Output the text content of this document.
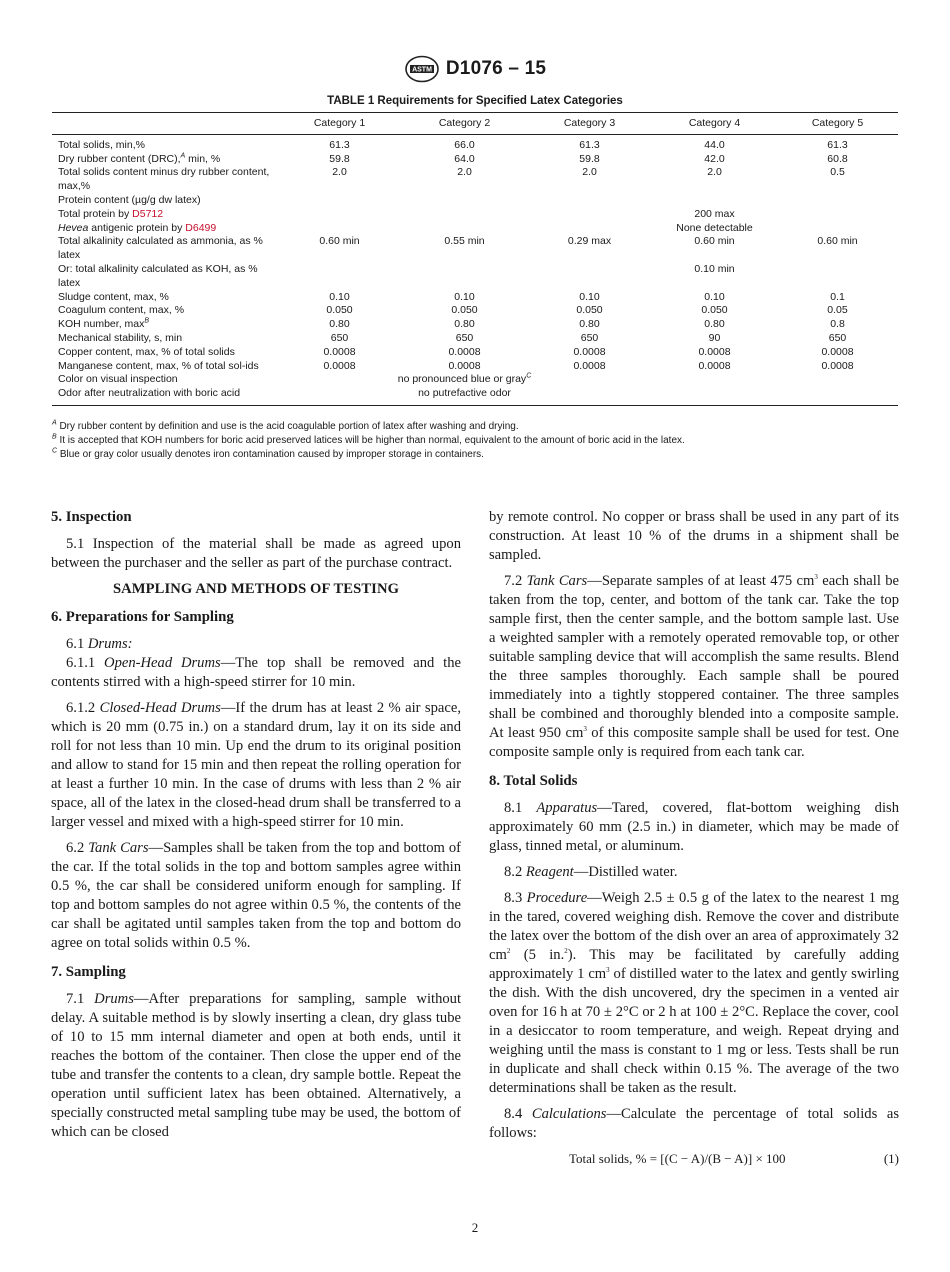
ASTM D1076 – 15
TABLE 1 Requirements for Specified Latex Categories
	Category 1	Category 2	Category 3	Category 4	Category 5
Total solids, min,%	61.3	66.0	61.3	44.0	61.3
Dry rubber content (DRC),$^A$ min, %	59.8	64.0	59.8	42.0	60.8
Total solids content minus dry rubber content, max,%	2.0	2.0	2.0	2.0	0.5
Protein content (µg/g dw latex)					
Total protein by D5712				200 max	
Hevea antigenic protein by D6499				None detectable	
Total alkalinity calculated as ammonia, as % latex	0.60 min	0.55 min	0.29 max	0.60 min	0.60 min
Or: total alkalinity calculated as KOH, as % latex				0.10 min	
Sludge content, max, %	0.10	0.10	0.10	0.10	0.1
Coagulum content, max, %	0.050	0.050	0.050	0.050	0.05
KOH number, $\max^B$	0.80	0.80	0.80	0.80	0.8
Mechanical stability, s, min	650	650	650	90	650
Copper content, max, % of total solids	0.0008	0.0008	0.0008	0.0008	0.0008
Manganese content, max, % of total sol-ids	0.0008	0.0008	0.0008	0.0008	0.0008
Color on visual inspection	no pronounced blue or gray$^C$		
Odor after neutralization with boric acid	no putrefactive odor				
$^A$ Dry rubber content by definition and use is the acid coagulable portion of latex after washing and drying.
$^B$ It is accepted that KOH numbers for boric acid preserved latices will be higher than normal, equivalent to the amount of boric acid in the latex.
$^C$ Blue or gray color usually denotes iron contamination caused by improper storage in containers.
5. Inspection

5.1 Inspection of the material shall be made as agreed upon between the purchaser and the seller as part of the purchase contract.

SAMPLING AND METHODS OF TESTING
6. Preparations for Sampling

6.1 Drums:

6.1.1 Open-Head Drums—The top shall be removed and the contents stirred with a high-speed stirrer for 10 min.

6.1.2 Closed-Head Drums—If the drum has at least 2 % air space, which is 20 mm (0.75 in.) on a standard drum, lay it on its side and roll for not less than 10 min. Up end the drum to its original position and allow to stand for 15 min and then repeat the rolling operation for at least a further 10 min. In the case of drums with less than 2 % air space, all of the latex in the closed-head drum shall be transferred to a larger vessel and mixed with a high-speed stirrer for 10 min.

6.2 Tank Cars—Samples shall be taken from the top and bottom of the car. If the total solids in the top and bottom samples agree within 0.5 %, the car shall be considered uniform enough for sampling. If top and bottom samples do not agree within 0.5 %, the contents of the car shall be agitated until samples taken from the top and bottom do agree on total solids within 0.5 %.

7. Sampling

7.1 Drums—After preparations for sampling, sample without delay. A suitable method is by slowly inserting a clean, dry glass tube of 10 to 15 mm internal diameter and open at both ends, until it reaches the bottom of the container. Then close the upper end of the tube and transfer the contents to a clean, dry sample bottle. Repeat the operation until sufficient latex has been obtained. Alternatively, a specially constructed metal sampling tube may be used, the bottom of which can be closed

by remote control. No copper or brass shall be used in any part of its construction. At least 10 % of the drums in a shipment shall be sampled.

7.2 Tank Cars—Separate samples of at least 475 $cm^3$ each shall be taken from the top, center, and bottom of the tank car. Take the top sample first, then the center sample, and the bottom sample last. Use a weighted sampler with a remotely operated removable top, or other suitable sampling device that will accomplish the same results. Blend the three samples thoroughly. Each sample shall be poured immediately into a tightly stoppered container. The three samples shall be combined and thoroughly blended into a composite sample. At least 950 $cm^3$ of this composite sample shall be used for test. One composite sample only is required from each tank car.

8. Total Solids

8.1 Apparatus—Tared, covered, flat-bottom weighing dish approximately 60 mm (2.5 in.) in diameter, which may be made of glass, tinned metal, or aluminum.

8.2 Reagent—Distilled water.

8.3 Procedure—Weigh 2.5 ± 0.5 g of the latex to the nearest 1 mg in the tared, covered weighing dish. Remove the cover and distribute the latex over the bottom of the dish over an area of approximately 32 $cm^2$ (5 in.$^2$). This may be facilitated by carefully adding approximately 1 $cm^3$ of distilled water to the latex and gently swirling the dish. With the dish uncovered, dry the specimen in a vented air oven for 16 h at 70 ± 2°C or 2 h at 100 ± 2°C. Replace the cover, cool in a desiccator to room temperature, and weigh. Repeat drying and weighing until the mass is constant to 1 mg or less. Tests shall be run in duplicate and shall check within 0.15 %. The average of the two determinations shall be taken as the result.

8.4 Calculations—Calculate the percentage of total solids as follows:

Total solids, % = [(C − A)/(B − A)] × 100	(1)
2
